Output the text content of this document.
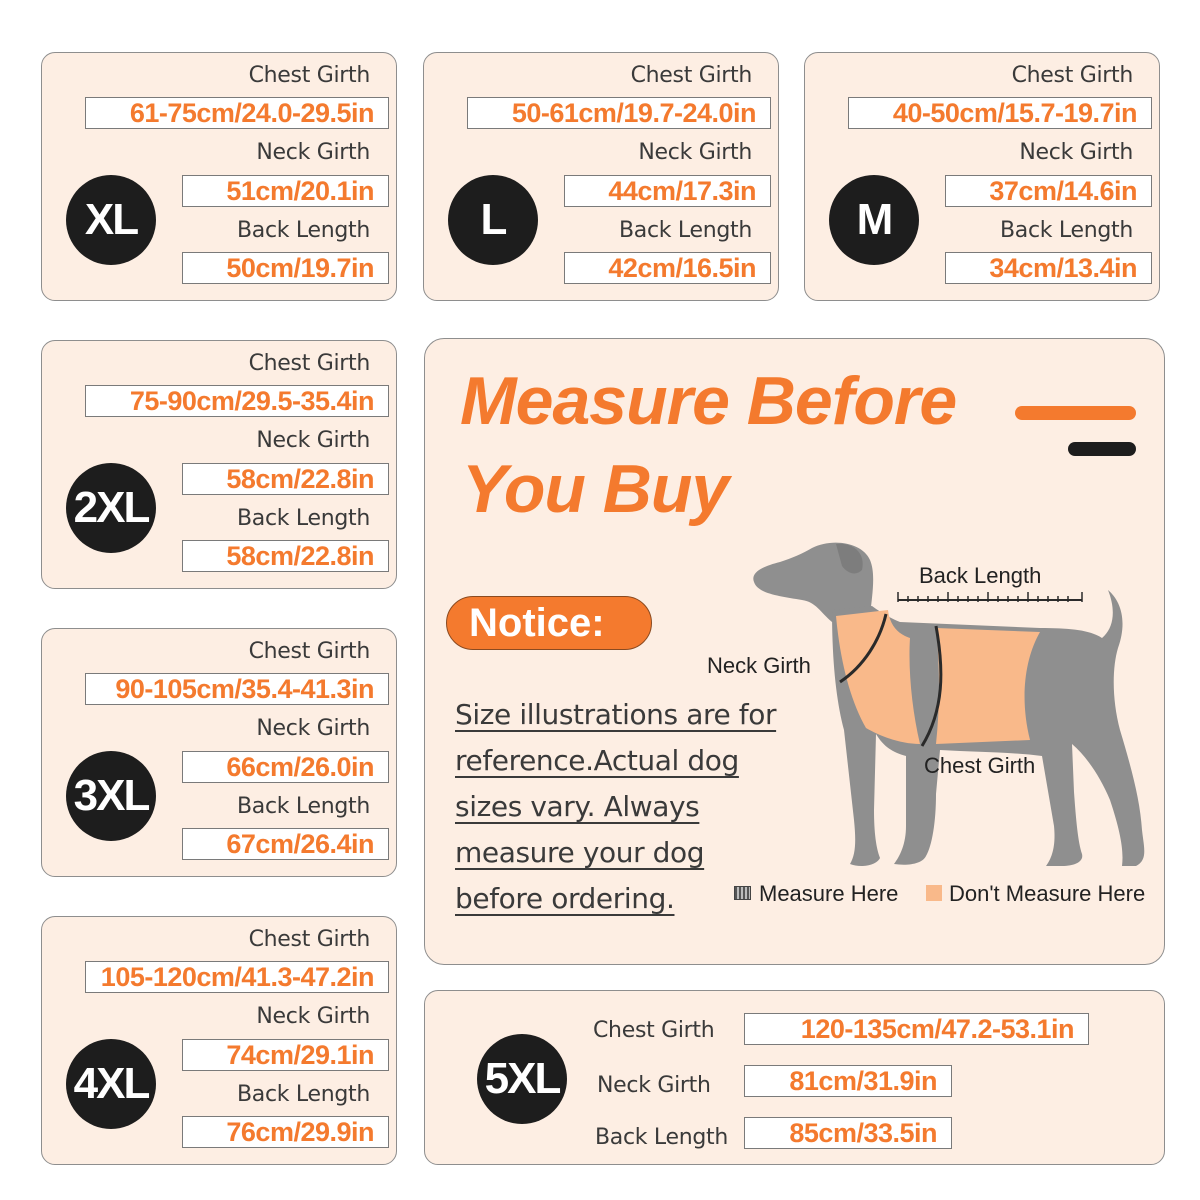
Chest Girth
61-75cm/24.0-29.5in
Neck Girth
51cm/20.1in
Back Length
50cm/19.7in
XL
Chest Girth
50-61cm/19.7-24.0in
Neck Girth
44cm/17.3in
Back Length
42cm/16.5in
L
Chest Girth
40-50cm/15.7-19.7in
Neck Girth
37cm/14.6in
Back Length
34cm/13.4in
M
Chest Girth
75-90cm/29.5-35.4in
Neck Girth
58cm/22.8in
Back Length
58cm/22.8in
2XL
Chest Girth
90-105cm/35.4-41.3in
Neck Girth
66cm/26.0in
Back Length
67cm/26.4in
3XL
Chest Girth
105-120cm/41.3-47.2in
Neck Girth
74cm/29.1in
Back Length
76cm/29.9in
4XL	5XL
Chest Girth	120-135cm/47.2-53.1in
Neck Girth	81cm/31.9in
Back Length	85cm/33.5in
Measure Before
You Buy
Notice:
Size illustrations are for
reference.Actual dog
sizes vary. Always
measure your dog
before ordering.
Back Length
Neck Girth
Chest Girth
Measure Here Don't Measure Here
